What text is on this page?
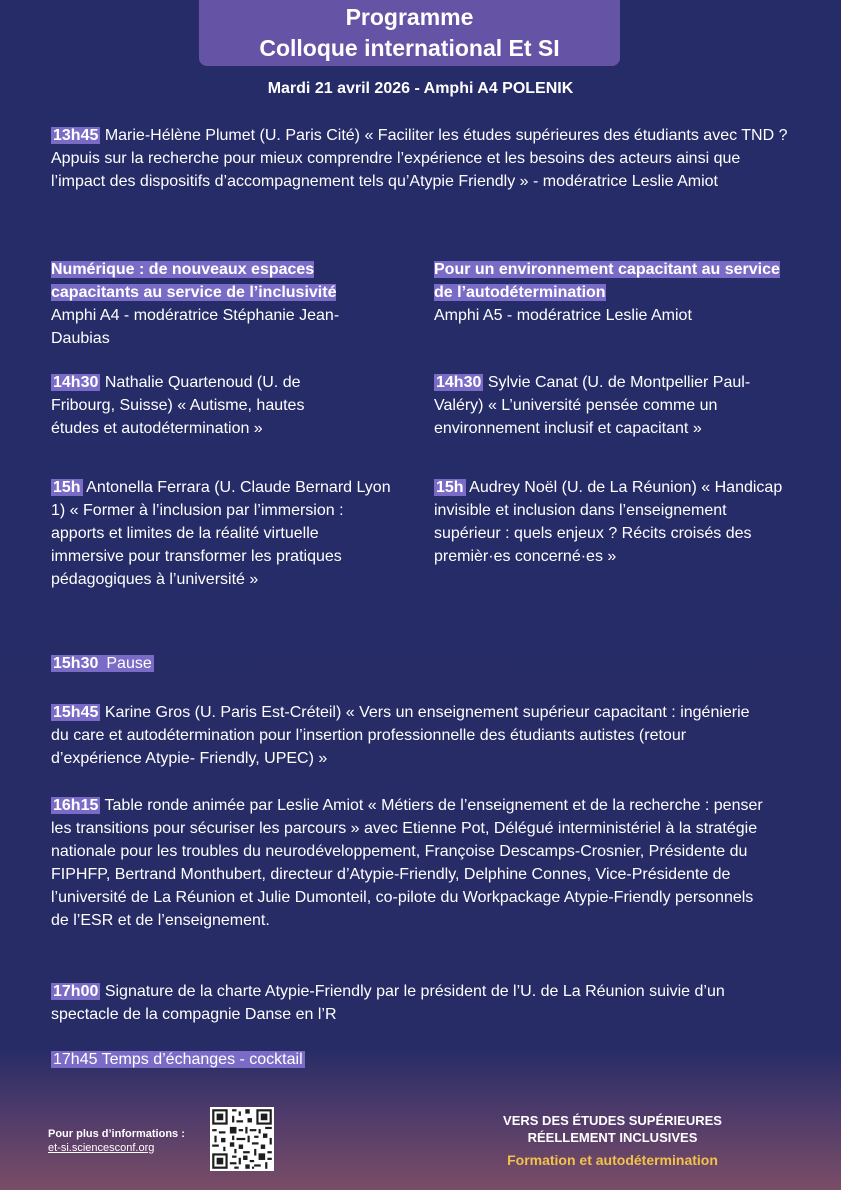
Programme
Colloque international Et SI
Mardi 21 avril 2026 - Amphi A4 POLENIK
13h45 Marie-Hélène Plumet (U. Paris Cité) « Faciliter les études supérieures des étudiants avec TND ? Appuis sur la recherche pour mieux comprendre l’expérience et les besoins des acteurs ainsi que l’impact des dispositifs d’accompagnement tels qu’Atypie Friendly » - modératrice Leslie Amiot
Numérique : de nouveaux espaces capacitants au service de l’inclusivité
Amphi A4 - modératrice Stéphanie Jean-Daubias
Pour un environnement capacitant au service de l’autodétermination
Amphi A5 - modératrice Leslie Amiot
14h30 Nathalie Quartenoud (U. de Fribourg, Suisse) « Autisme, hautes études et autodétermination »
14h30 Sylvie Canat (U. de Montpellier Paul-Valéry) « L’université pensée comme un environnement inclusif et capacitant »
15h Antonella Ferrara (U. Claude Bernard Lyon 1) « Former à l’inclusion par l’immersion : apports et limites de la réalité virtuelle immersive pour transformer les pratiques pédagogiques à l’université »
15h Audrey Noël (U. de La Réunion) « Handicap invisible et inclusion dans l’enseignement supérieur : quels enjeux ? Récits croisés des premièr·es concerné·es »
15h30 Pause
15h45 Karine Gros (U. Paris Est-Créteil) « Vers un enseignement supérieur capacitant : ingénierie du care et autodétermination pour l’insertion professionnelle des étudiants autistes (retour d’expérience Atypie- Friendly, UPEC) »
16h15 Table ronde animée par Leslie Amiot « Métiers de l’enseignement et de la recherche : penser les transitions pour sécuriser les parcours » avec Etienne Pot, Délégué interministériel à la stratégie nationale pour les troubles du neurodéveloppement, Françoise Descamps-Crosnier, Présidente du FIPHFP, Bertrand Monthubert, directeur d’Atypie-Friendly, Delphine Connes, Vice-Présidente de l’université de La Réunion et Julie Dumonteil, co-pilote du Workpackage Atypie-Friendly personnels de l’ESR et de l’enseignement.
17h00 Signature de la charte Atypie-Friendly par le président de l’U. de La Réunion suivie d’un spectacle de la compagnie Danse en l’R
17h45 Temps d’échanges - cocktail
Pour plus d’informations :
et-si.sciencesconf.org
VERS DES ÉTUDES SUPÉRIEURES
RÉELLEMENT INCLUSIVES
Formation et autodétermination
